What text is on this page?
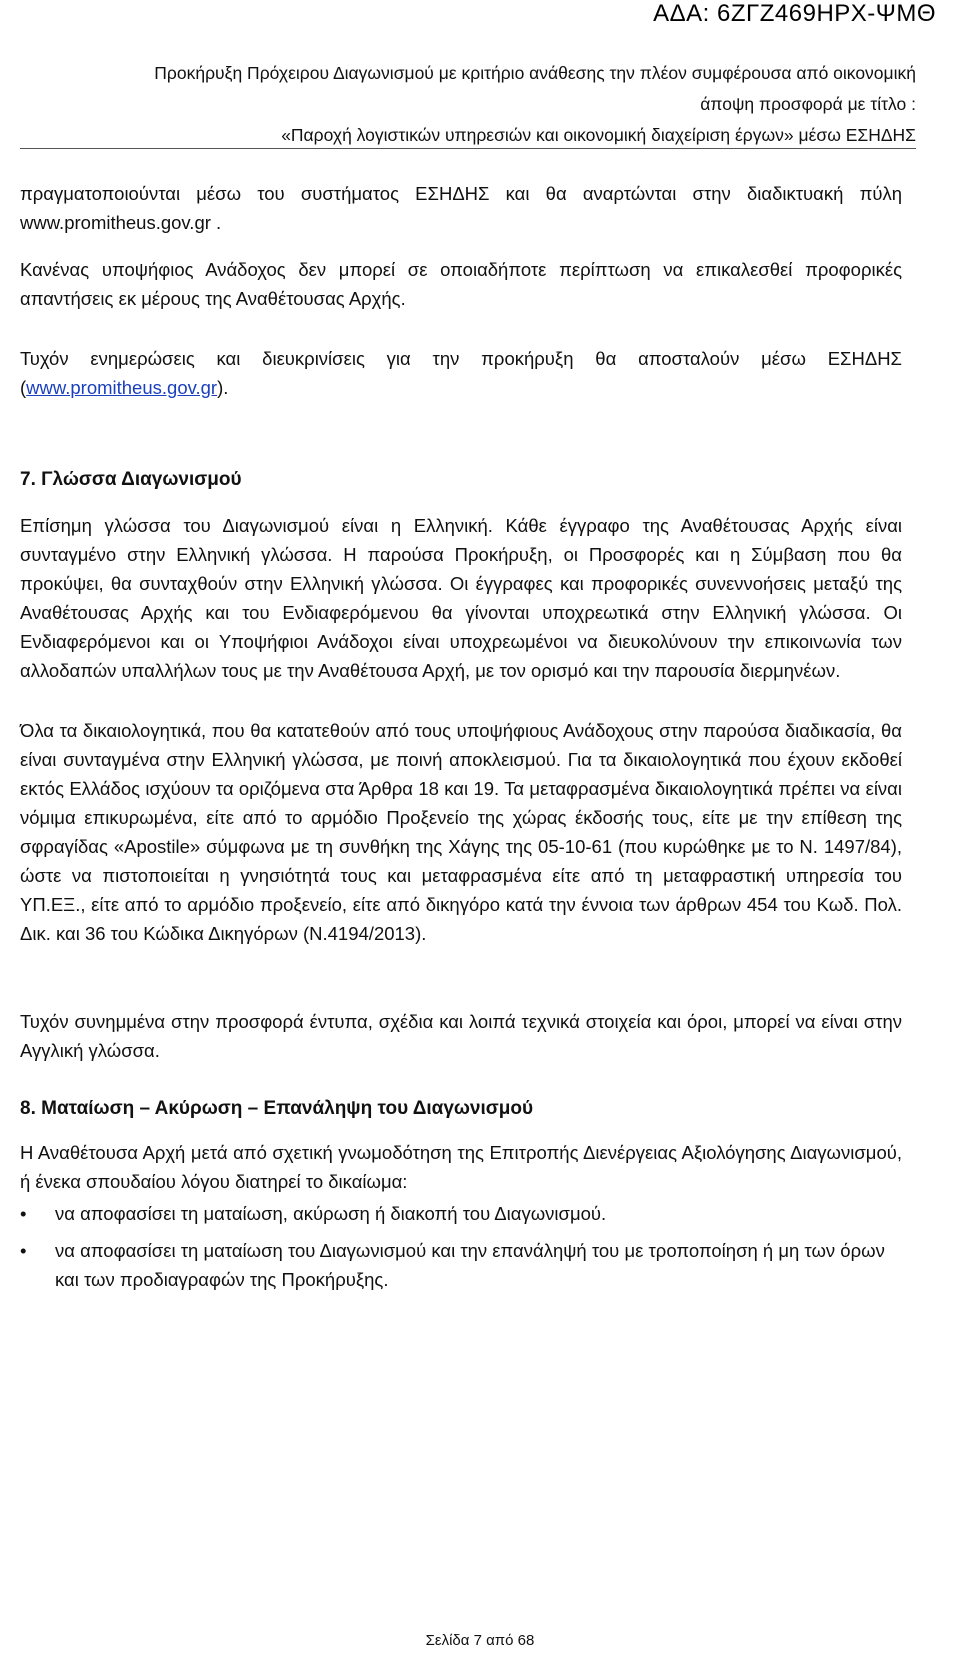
ΑΔΑ: 6ΖΓΖ469ΗΡΧ-ΨΜΘ
Προκήρυξη Πρόχειρου Διαγωνισμού με κριτήριο ανάθεσης την πλέον συμφέρουσα από οικονομική
άποψη προσφορά με τίτλο :
«Παροχή λογιστικών υπηρεσιών και οικονομική διαχείριση έργων» μέσω ΕΣΗΔΗΣ
πραγματοποιούνται μέσω του συστήματος ΕΣΗΔΗΣ και θα αναρτώνται στην διαδικτυακή πύλη www.promitheus.gov.gr .
Κανένας υποψήφιος Ανάδοχος δεν μπορεί σε οποιαδήποτε περίπτωση να επικαλεσθεί προφορικές απαντήσεις εκ μέρους της Αναθέτουσας Αρχής.
Τυχόν ενημερώσεις και διευκρινίσεις για την προκήρυξη θα αποσταλούν μέσω ΕΣΗΔΗΣ (www.promitheus.gov.gr).
7. Γλώσσα Διαγωνισμού
Επίσημη γλώσσα του Διαγωνισμού είναι η Ελληνική. Κάθε έγγραφο της Αναθέτουσας Αρχής είναι συνταγμένο στην Ελληνική γλώσσα. Η παρούσα Προκήρυξη, οι Προσφορές και η Σύμβαση που θα προκύψει, θα συνταχθούν στην Ελληνική γλώσσα. Οι έγγραφες και προφορικές συνεννοήσεις μεταξύ της Αναθέτουσας Αρχής και του Ενδιαφερόμενου θα γίνονται υποχρεωτικά στην Ελληνική γλώσσα. Οι Ενδιαφερόμενοι και οι Υποψήφιοι Ανάδοχοι είναι υποχρεωμένοι να διευκολύνουν την επικοινωνία των αλλοδαπών υπαλλήλων τους με την Αναθέτουσα Αρχή, με τον ορισμό και την παρουσία διερμηνέων.
Όλα τα δικαιολογητικά, που θα κατατεθούν από τους υποψήφιους Ανάδοχους στην παρούσα διαδικασία, θα είναι συνταγμένα στην Ελληνική γλώσσα, με ποινή αποκλεισμού. Για τα δικαιολογητικά που έχουν εκδοθεί εκτός Ελλάδος ισχύουν τα οριζόμενα στα Άρθρα 18 και 19. Τα μεταφρασμένα δικαιολογητικά πρέπει να είναι νόμιμα επικυρωμένα, είτε από το αρμόδιο Προξενείο της χώρας έκδοσής τους, είτε με την επίθεση της σφραγίδας «Apostile» σύμφωνα με τη συνθήκη της Χάγης της 05-10-61 (που κυρώθηκε με το Ν. 1497/84), ώστε να πιστοποιείται η γνησιότητά τους και μεταφρασμένα είτε από τη μεταφραστική υπηρεσία του ΥΠ.ΕΞ., είτε από το αρμόδιο προξενείο, είτε από δικηγόρο κατά την έννοια των άρθρων 454 του Κωδ. Πολ. Δικ. και 36 του Κώδικα Δικηγόρων (Ν.4194/2013).
Τυχόν συνημμένα στην προσφορά έντυπα, σχέδια και λοιπά τεχνικά στοιχεία και όροι, μπορεί να είναι στην Αγγλική γλώσσα.
8. Ματαίωση – Ακύρωση – Επανάληψη του Διαγωνισμού
Η Αναθέτουσα Αρχή μετά από σχετική γνωμοδότηση της Επιτροπής Διενέργειας Αξιολόγησης Διαγωνισμού, ή ένεκα σπουδαίου λόγου διατηρεί το δικαίωμα:
• να αποφασίσει τη ματαίωση, ακύρωση ή διακοπή του Διαγωνισμού.
• να αποφασίσει τη ματαίωση του Διαγωνισμού και την επανάληψή του με τροποποίηση ή μη των όρων και των προδιαγραφών της Προκήρυξης.
Σελίδα 7 από 68
